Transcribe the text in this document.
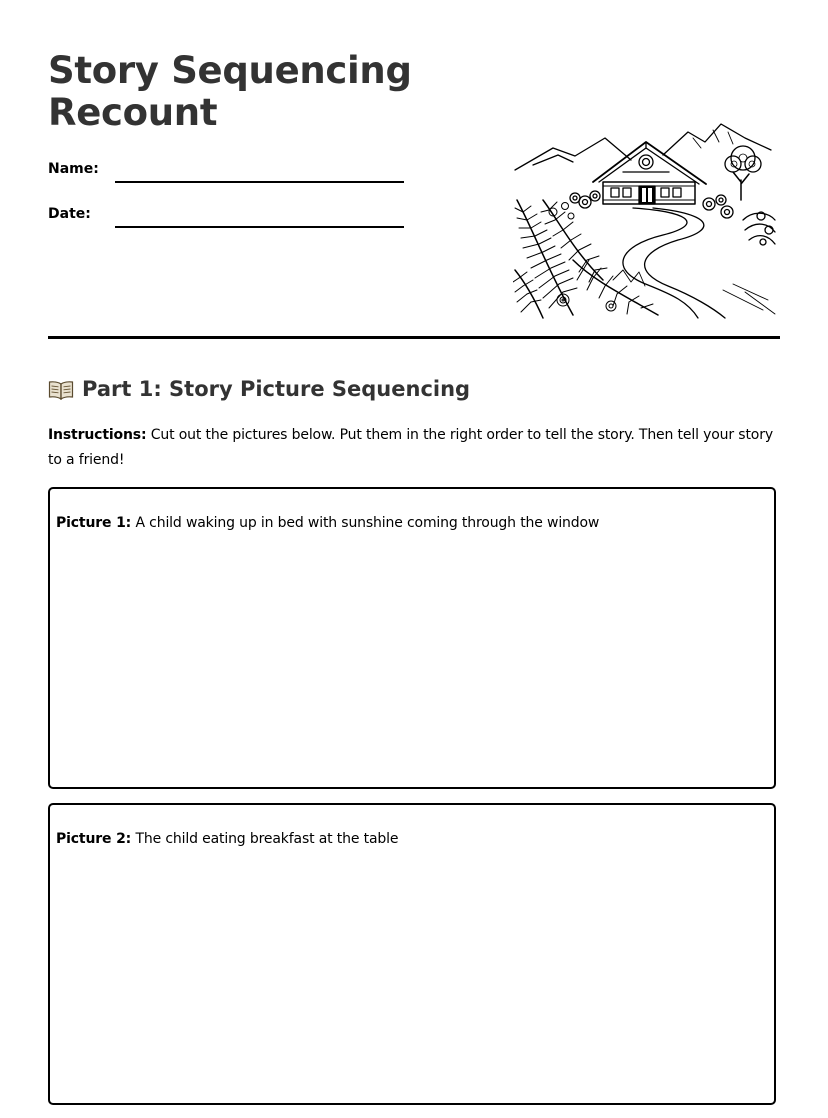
Story Sequencing
Recount
Name:
Date:
Part 1: Story Picture Sequencing

Instructions: Cut out the pictures below. Put them in the right order to tell the story. Then tell your story to a friend!

Picture 1: A child waking up in bed with sunshine coming through the window
Picture 2: The child eating breakfast at the table
